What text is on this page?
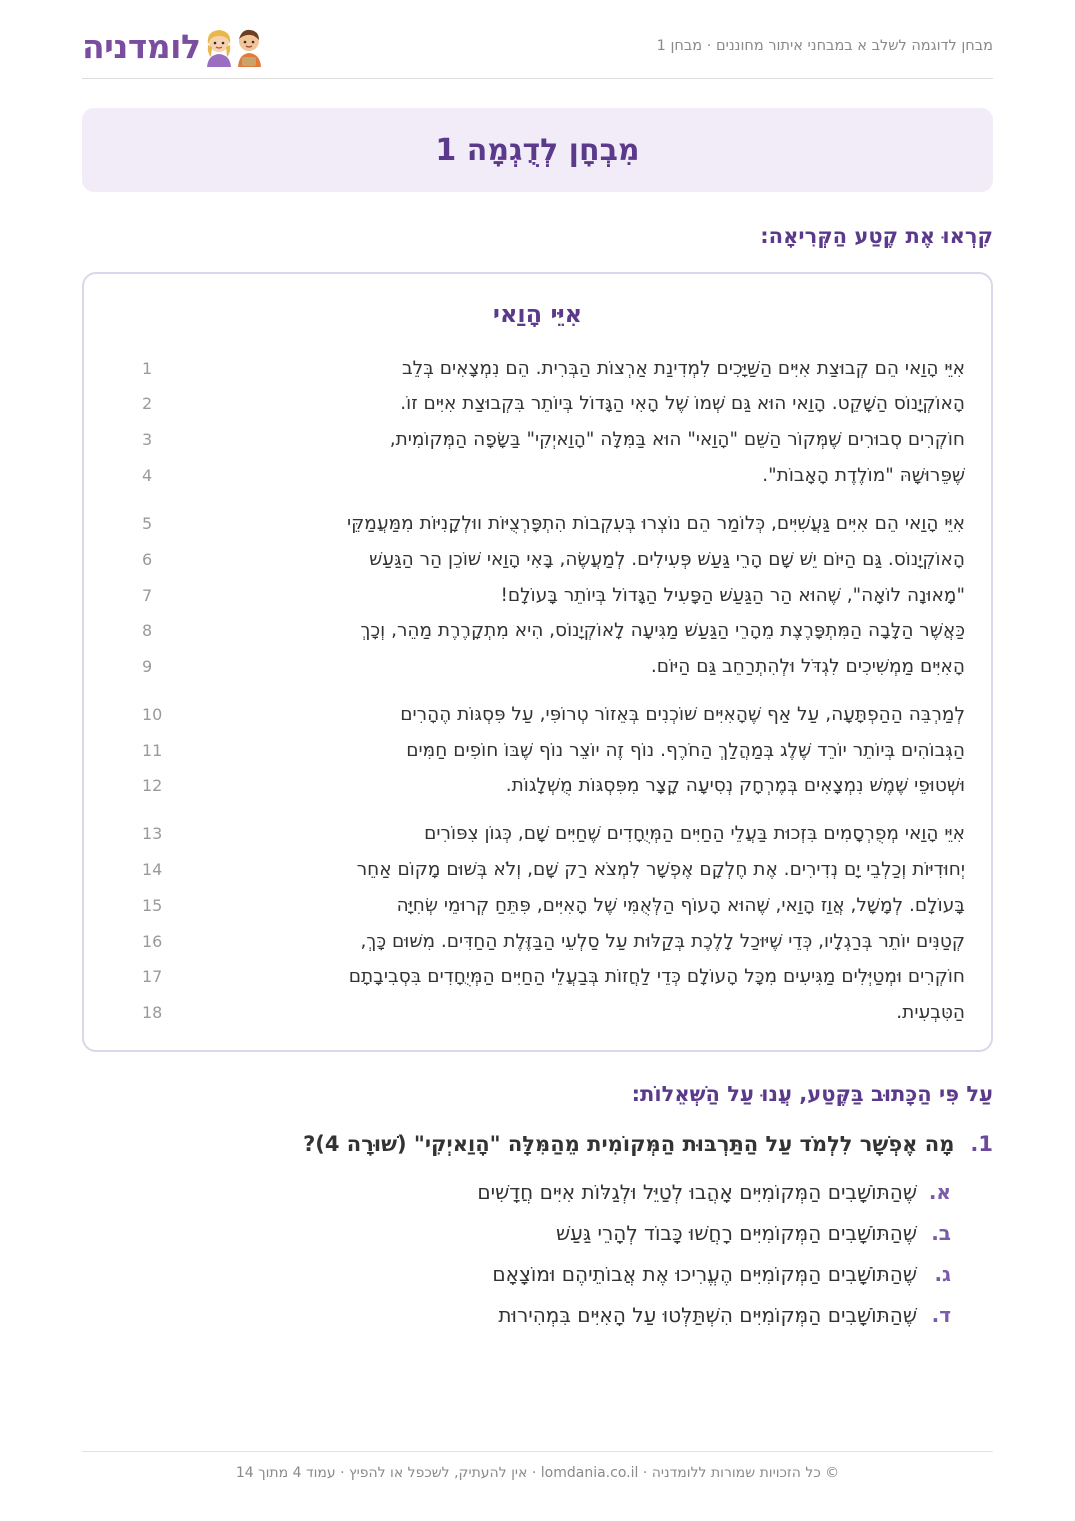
לומדניה	מבחן לדוגמה לשלב א במבחני איתור מחוננים · מבחן 1
מִבְחָן לְדֻגְמָה 1
קִרְאוּ אֶת קֶטַע הַקְּרִיאָה:
אִיֵּי הָוַאי
אִיֵּי הָוַאי הֵם קְבוּצַת אִיִּים הַשַּׁיָּכִים לִמְדִינַת אַרְצוֹת הַבְּרִית. הֵם נִמְצָאִים בְּלֵב
1
הָאוֹקְיָנוֹס הַשָּׁקֵט. הָוַאי הוּא גַּם שְׁמוֹ שֶׁל הָאִי הַגָּדוֹל בְּיוֹתֵר בִּקְבוּצַת אִיִּים זוֹ.
2
חוֹקְרִים סְבוּרִים שֶׁמְּקוֹר הַשֵּׁם "הָוַאי" הוּא בַּמִּלָּה "הָוַאיְקִי" בַּשָּׂפָה הַמְּקוֹמִית,
3
שֶׁפֵּרוּשָׁהּ "מוֹלֶדֶת הָאָבוֹת".
4
אִיֵּי הָוַאי הֵם אִיִּים גַּעֲשִׁיִּים, כְּלוֹמַר הֵם נוֹצְרוּ בְּעִקְבוֹת הִתְפָּרְצֻיּוֹת ווּלְקָנִיּוֹת מִמַּעֲמַקֵּי
5
הָאוֹקְיָנוֹס. גַּם הַיּוֹם יֵשׁ שָׁם הָרֵי גַּעַשׁ פְּעִילִים. לְמַעֲשֶׂה, בָּאִי הָוַאי שׁוֹכֵן הַר הַגַּעַשׁ
6
"מָאוּנָה לוֹאָה", שֶׁהוּא הַר הַגַּעַשׁ הַפָּעִיל הַגָּדוֹל בְּיוֹתֵר בָּעוֹלָם!
7
כַּאֲשֶׁר הַלָּבָה הַמִּתְפָּרֶצֶת מֵהָרֵי הַגַּעַשׁ מַגִּיעָה לָאוֹקְיָנוֹס, הִיא מִתְקָרֶרֶת מַהֵר, וְכָךְ
8
הָאִיִּים מַמְשִׁיכִים לִגְדֹּל וּלְהִתְרַחֵב גַּם הַיּוֹם.
9
לְמַרְבֵּה הַהַפְתָּעָה, עַל אַף שֶׁהָאִיִּים שׁוֹכְנִים בְּאֵזוֹר טְרוֹפִּי, עַל פִּסְגּוֹת הֶהָרִים
10
הַגְּבוֹהִים בְּיוֹתֵר יוֹרֵד שֶׁלֶג בְּמַהֲלַךְ הַחֹרֶף. נוֹף זֶה יוֹצֵר נוֹף שֶׁבּוֹ חוֹפִים חַמִּים
11
וּשְׁטוּפֵי שֶׁמֶשׁ נִמְצָאִים בְּמֶרְחָק נְסִיעָה קָצָר מִפִּסְגּוֹת מֻשְׁלָגוֹת.
12
אִיֵּי הָוַאי מְפֻרְסָמִים בִּזְכוּת בַּעֲלֵי הַחַיִּים הַמְּיֻחָדִים שֶׁחַיִּים שָׁם, כְּגוֹן צִפּוֹרִים
13
יְחוּדִיּוֹת וְכַלְבֵי יָם נְדִירִים. אֶת חֶלְקָם אֶפְשָׁר לִמְצֹא רַק שָׁם, וְלֹא בְּשׁוּם מָקוֹם אַחֵר
14
בָּעוֹלָם. לְמָשָׁל, אֲוַז הָוַאי, שֶׁהוּא הָעוֹף הַלְּאֻמִּי שֶׁל הָאִיִּים, פִּתֵּחַ קְרוּמֵי שְׂחִיָּה
15
קְטַנִּים יוֹתֵר בְּרַגְלָיו, כְּדֵי שֶׁיּוּכַל לָלֶכֶת בְּקַלּוּת עַל סַלְעֵי הַבַּזֶּלֶת הַחַדִּים. מִשּׁוּם כָּךְ,
16
חוֹקְרִים וּמְטַיְּלִים מַגִּיעִים מִכָּל הָעוֹלָם כְּדֵי לַחֲזוֹת בְּבַעֲלֵי הַחַיִּים הַמְּיֻחָדִים בִּסְבִיבָתָם
17
הַטִּבְעִית.
18
עַל פִּי הַכָּתוּב בַּקֶּטַע, עֲנוּ עַל הַשְּׁאֵלוֹת:
1.מָה אֶפְשָׁר לִלְמֹד עַל הַתַּרְבּוּת הַמְּקוֹמִית מֵהַמִּלָּה "הָוַאיְקִי" (שׁוּרָה 4)?
א.שֶׁהַתּוֹשָׁבִים הַמְּקוֹמִיִּים אָהֲבוּ לְטַיֵּל וּלְגַלּוֹת אִיִּים חֲדָשִׁים
ב.שֶׁהַתּוֹשָׁבִים הַמְּקוֹמִיִּים רָחֲשׁוּ כָּבוֹד לְהָרֵי גַּעַשׁ
ג.שֶׁהַתּוֹשָׁבִים הַמְּקוֹמִיִּים הֶעֱרִיכוּ אֶת אֲבוֹתֵיהֶם וּמוֹצָאָם
ד.שֶׁהַתּוֹשָׁבִים הַמְּקוֹמִיִּים הִשְׁתַּלְּטוּ עַל הָאִיִּים בִּמְהִירוּת
© כל הזכויות שמורות ללומדניה · lomdania.co.il · אין להעתיק, לשכפל או להפיץ · עמוד 4 מתוך 14
